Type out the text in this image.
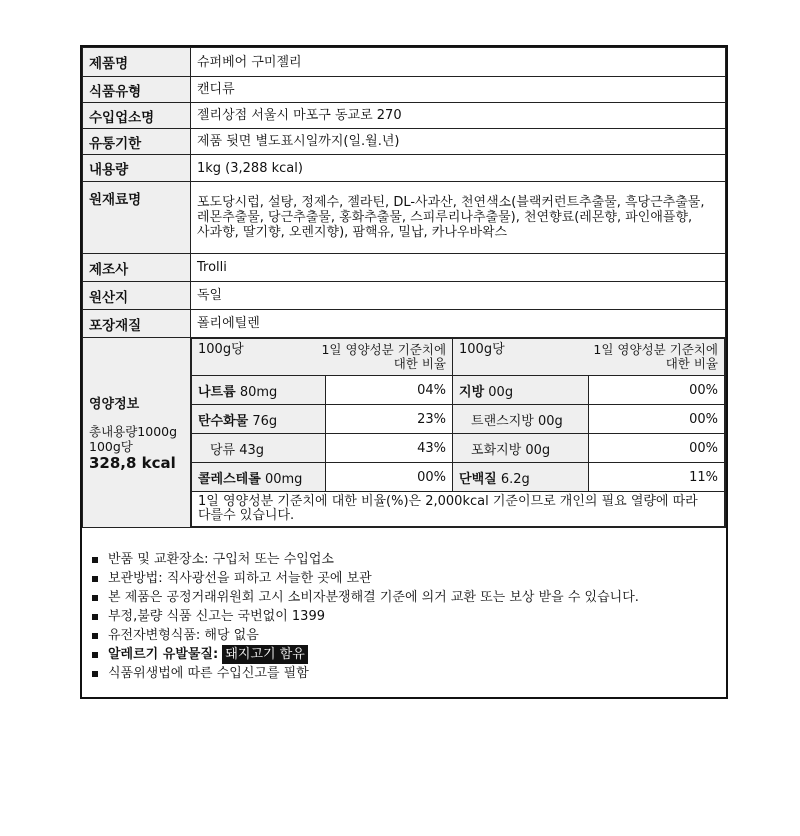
제품명	슈퍼베어 구미젤리
식품유형	캔디류
수입업소명	젤리상점 서울시 마포구 동교로 270
유통기한	제품 뒷면 별도표시일까지(일.월.년)
내용량	1kg (3,288 kcal)
원재료명	포도당시럽, 설탕, 정제수, 젤라틴, DL-사과산, 천연색소(블랙커런트추출물, 흑당근추출물,
레몬추출물, 당근추출물, 홍화추출물, 스피루리나추출물), 천연향료(레몬향, 파인애플향,
사과향, 딸기향, 오렌지향), 팜핵유, 밀납, 카나우바왁스

제조사	Trolli
원산지	독일
포장재질	폴리에틸렌

영양정보
총내용량1000g
100g당
328,8 kcal

100g당	1일 영양성분 기준치에
대한 비율

100g당	1일 영양성분 기준치에
대한 비율

나트륨 80mg	04%	지방 00g	00%
탄수화물 76g	23%	트랜스지방 00g	00%
당류 43g	43%	포화지방 00g	00%
콜레스테롤 00mg	00%	단백질 6.2g	11%

1일 영양성분 기준치에 대한 비율(%)은 2,000kcal 기준이므로 개인의 필요 열량에 따라
다를수 있습니다.
반품 및 교환장소: 구입처 또는 수입업소
보관방법: 직사광선을 피하고 서늘한 곳에 보관
본 제품은 공정거래위원회 고시 소비자분쟁해결 기준에 의거 교환 또는 보상 받을 수 있습니다.
부정,불량 식품 신고는 국번없이 1399
유전자변형식품: 해당 없음
알레르기 유발물질:
돼지고기 함유
식품위생법에 따른 수입신고를 필함
